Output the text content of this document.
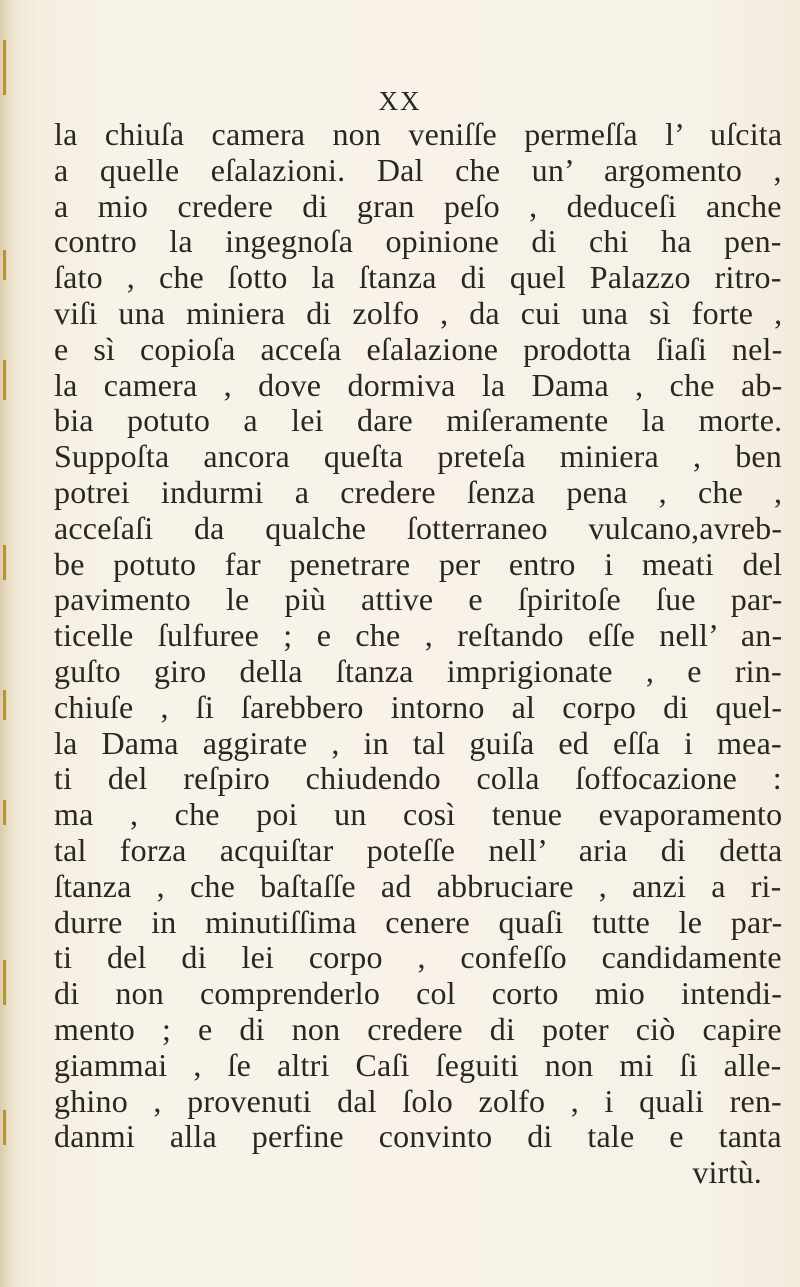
XX
la chiuſa camera non veniſſe permeſſa l’ uſcita
a quelle eſalazioni. Dal che un’ argomento ,
a mio credere di gran peſo , deduceſi anche
contro la ingegnoſa opinione di chi ha pen-
ſato , che ſotto la ſtanza di quel Palazzo ritro-
viſi una miniera di zolfo , da cui una sì forte ,
e sì copioſa acceſa eſalazione prodotta ſiaſi nel-
la camera , dove dormiva la Dama , che ab-
bia potuto a lei dare miſeramente la morte.
Suppoſta ancora queſta preteſa miniera , ben
potrei indurmi a credere ſenza pena , che ,
acceſaſi da qualche ſotterraneo vulcano,avreb-
be potuto far penetrare per entro i meati del
pavimento le più attive e ſpiritoſe ſue par-
ticelle ſulfuree ; e che , reſtando eſſe nell’ an-
guſto giro della ſtanza imprigionate , e rin-
chiuſe , ſi ſarebbero intorno al corpo di quel-
la Dama aggirate , in tal guiſa ed eſſa i mea-
ti del reſpiro chiudendo colla ſoffocazione :
ma , che poi un così tenue evaporamento
tal forza acquiſtar poteſſe nell’ aria di detta
ſtanza , che baſtaſſe ad abbruciare , anzi a ri-
durre in minutiſſima cenere quaſi tutte le par-
ti del di lei corpo , confeſſo candidamente
di non comprenderlo col corto mio intendi-
mento ; e di non credere di poter ciò capire
giammai , ſe altri Caſi ſeguiti non mi ſi alle-
ghino , provenuti dal ſolo zolfo , i quali ren-
danmi alla perfine convinto di tale e tanta
virtù.
